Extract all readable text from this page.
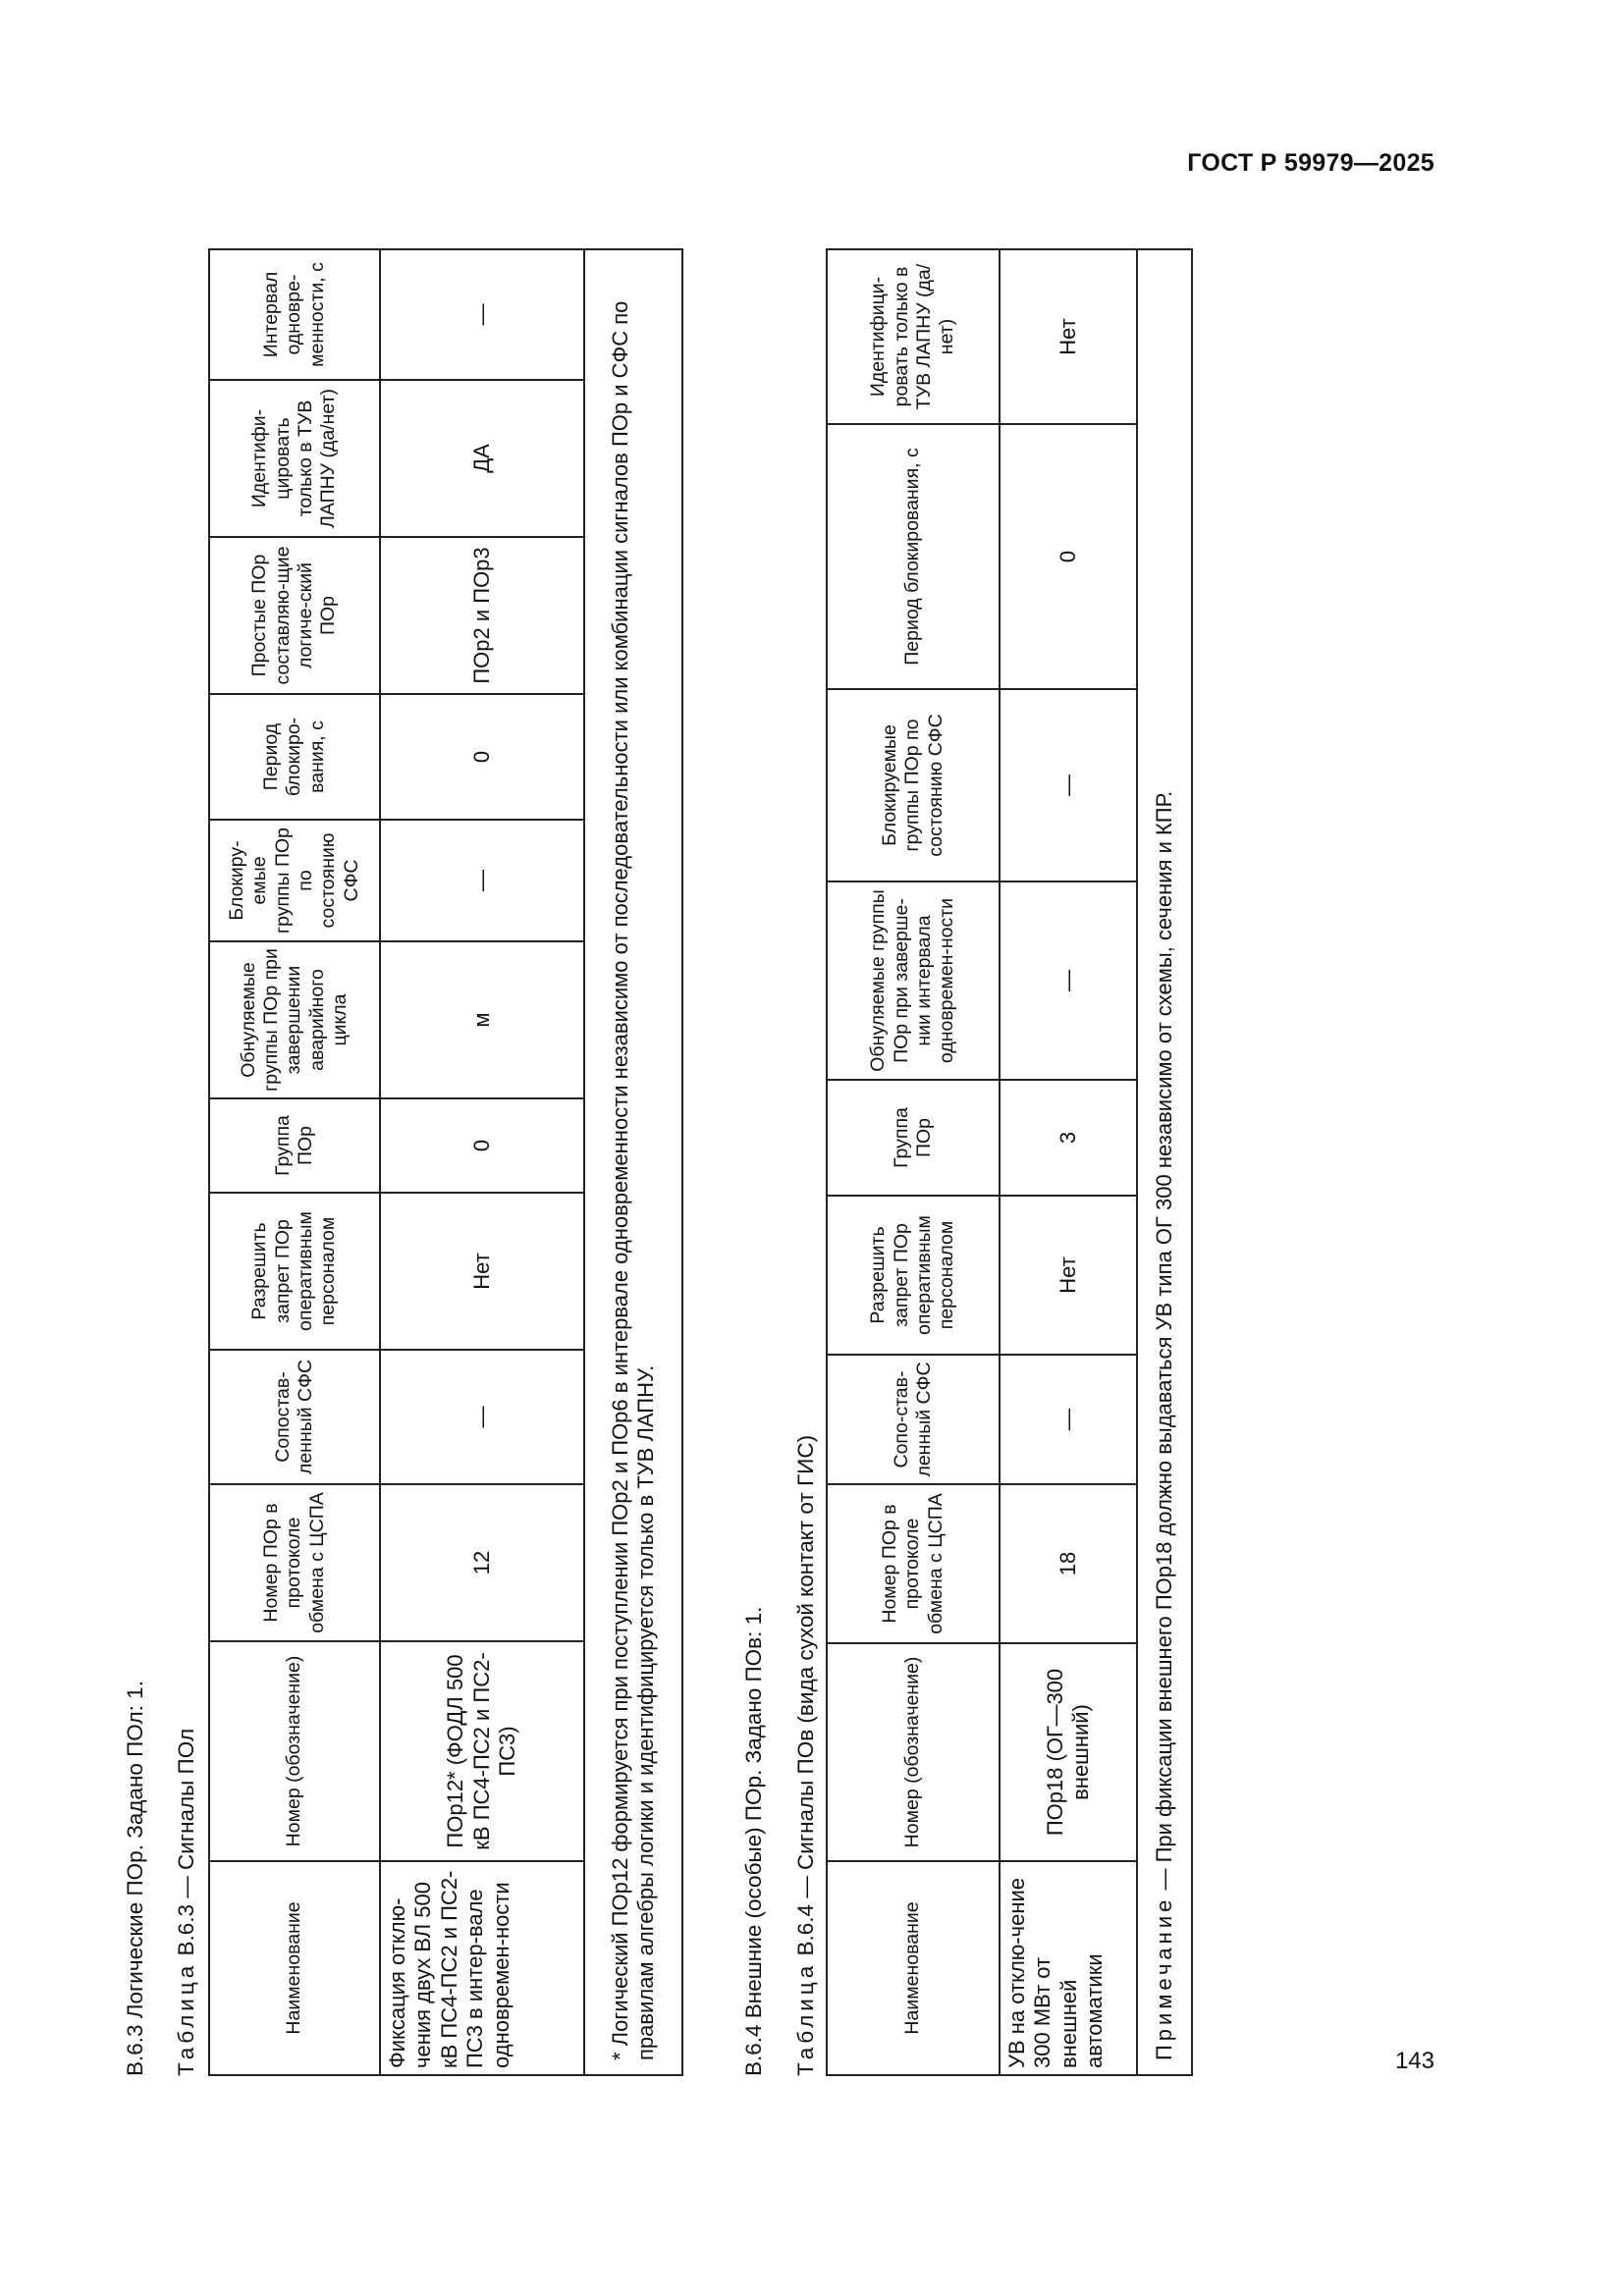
ГОСТ Р 59979—2025
143
В.6.3 Логические ПОр. Задано ПОл: 1. Таблица В.6.3 — Сигналы ПОл
Наименование	Номер (обозначение)	Номер ПОр в протоколе обмена с ЦСПА	Сопостав-ленный СФС	Разрешить запрет ПОр оперативным персоналом	Группа ПОр	Обнуляемые группы ПОр при завершении аварийного цикла	Блокиру-емые группы ПОр по состоянию СФС	Период блокиро-вания, с	Простые ПОр составляю-щие логиче-ский ПОр	Идентифи-цировать только в ТУВ ЛАПНУ (да/нет)	Интервал одновре-менности, с
Фиксация отклю-чения двух ВЛ 500 кВ ПС4-ПС2 и ПС2-ПС3 в интер-вале одновремен-ности	ПОр12* (ФОДЛ 500 кВ ПС4-ПС2 и ПС2-ПС3)	12	—	Нет	0	м	—	0	ПОр2 и ПОр3	ДА	—
* Логический ПОр12 формируется при поступлении ПОр2 и ПОр6 в интервале одновременности независимо от последовательности или комбинации сигналов ПОр и СФС по правилам алгебры логики и идентифицируется только в ТУВ ЛАПНУ.												В.6.4 Внешние (особые) ПОр. Задано ПОв: 1. Таблица В.6.4 — Сигналы ПОв (вида сухой контакт от ГИС)
Наименование	Номер (обозначение)	Номер ПОр в протоколе обмена с ЦСПА	Сопо-став-ленный СФС	Разрешить запрет ПОр оперативным персоналом	Группа ПОр	Обнуляемые группы ПОр при заверше-нии интервала одновремен-ности	Блокируемые группы ПОр по состоянию СФС	Период блокирования, с	Идентифици-ровать только в ТУВ ЛАПНУ (да/нет)
УВ на отклю-чение 300 МВт от внешней автоматики	ПОр18 (ОГ—300 внешний)	18	—	Нет	3	—	—	0	Нет
Примечание — При фиксации внешнего ПОр18 должно выдаваться УВ типа ОГ 300 независимо от схемы, сечения и КПР.									
